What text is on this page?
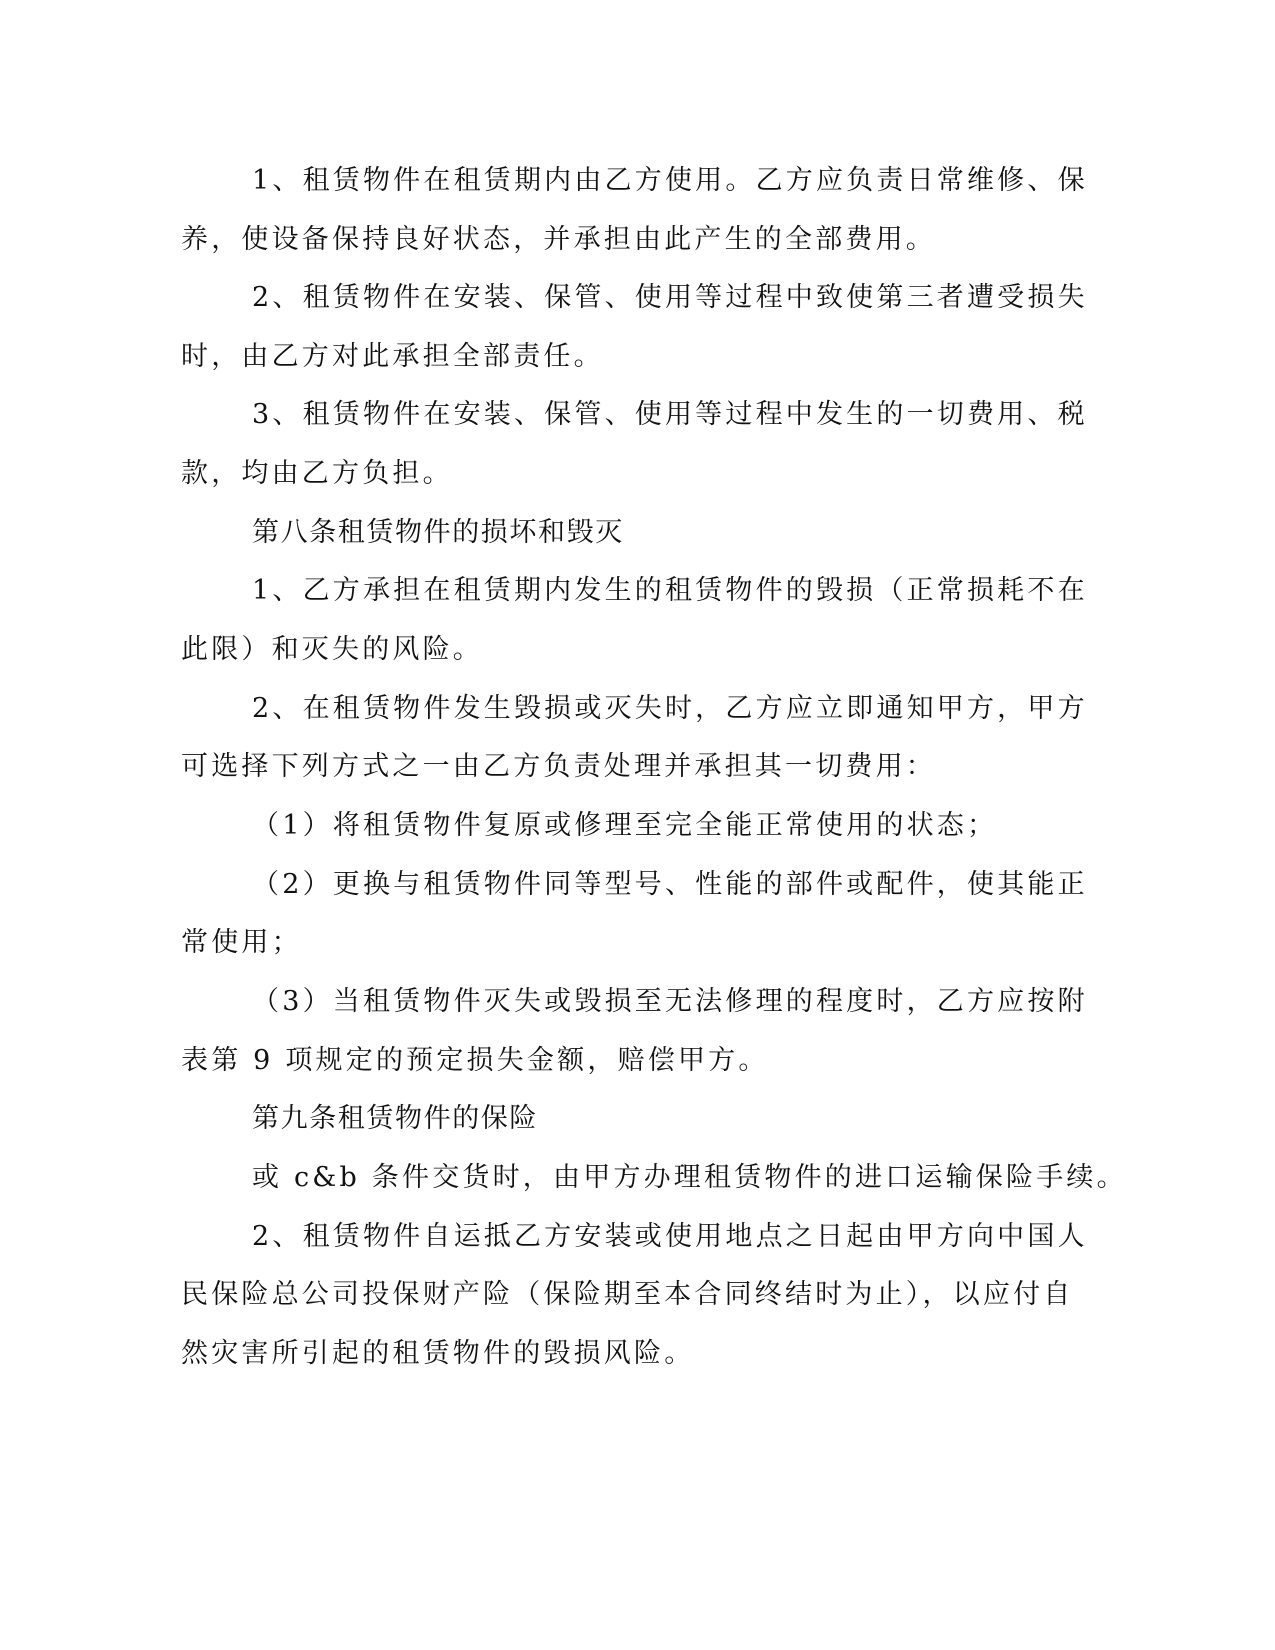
1、租赁物件在租赁期内由乙方使用。乙方应负责日常维修、保
养，使设备保持良好状态，并承担由此产生的全部费用。
2、租赁物件在安装、保管、使用等过程中致使第三者遭受损失
时，由乙方对此承担全部责任。
3、租赁物件在安装、保管、使用等过程中发生的一切费用、税
款，均由乙方负担。
第八条租赁物件的损坏和毁灭
1、乙方承担在租赁期内发生的租赁物件的毁损（正常损耗不在
此限）和灭失的风险。
2、在租赁物件发生毁损或灭失时，乙方应立即通知甲方，甲方
可选择下列方式之一由乙方负责处理并承担其一切费用：
（1）将租赁物件复原或修理至完全能正常使用的状态；
（2）更换与租赁物件同等型号、性能的部件或配件，使其能正
常使用；
（3）当租赁物件灭失或毁损至无法修理的程度时，乙方应按附
表第 9 项规定的预定损失金额，赔偿甲方。
第九条租赁物件的保险
或 c&b 条件交货时，由甲方办理租赁物件的进口运输保险手续。
2、租赁物件自运抵乙方安装或使用地点之日起由甲方向中国人
民保险总公司投保财产险（保险期至本合同终结时为止），以应付自
然灾害所引起的租赁物件的毁损风险。
